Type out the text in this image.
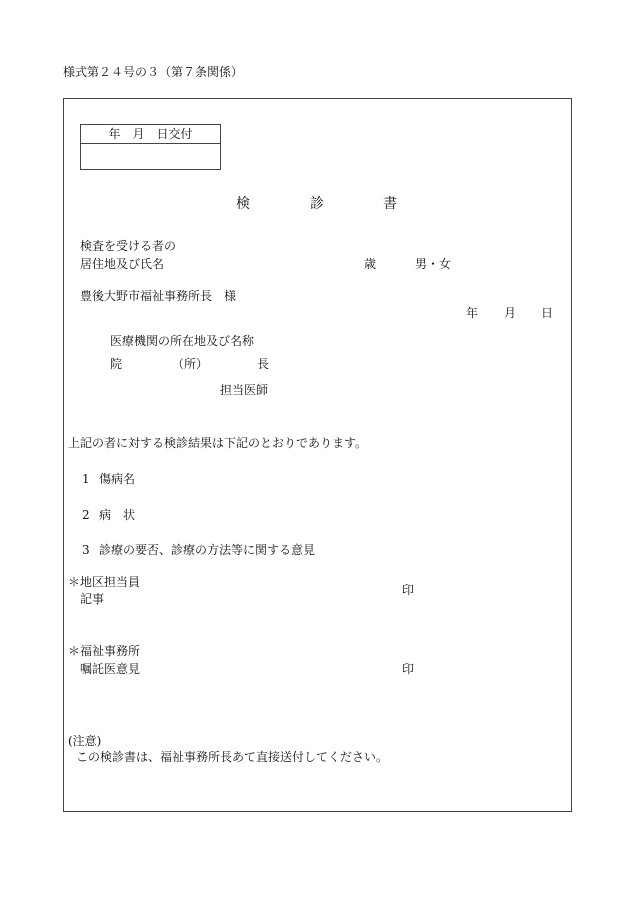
様式第２４号の３（第７条関係）
年　月　日交付
検	診	書
検査を受ける者の
居住地及び氏名	歳	男・女
豊後大野市福祉事務所長　様
年 月 日
医療機関の所在地及び名称
院	（所）	長
担当医師
上記の者に対する検診結果は下記のとおりであります。
1 傷病名
2 病　状
3 診療の要否、診療の方法等に関する意見
＊地区担当員
記事
印
＊福祉事務所
嘱託医意見	印
(注意)
この検診書は、福祉事務所長あて直接送付してください。
